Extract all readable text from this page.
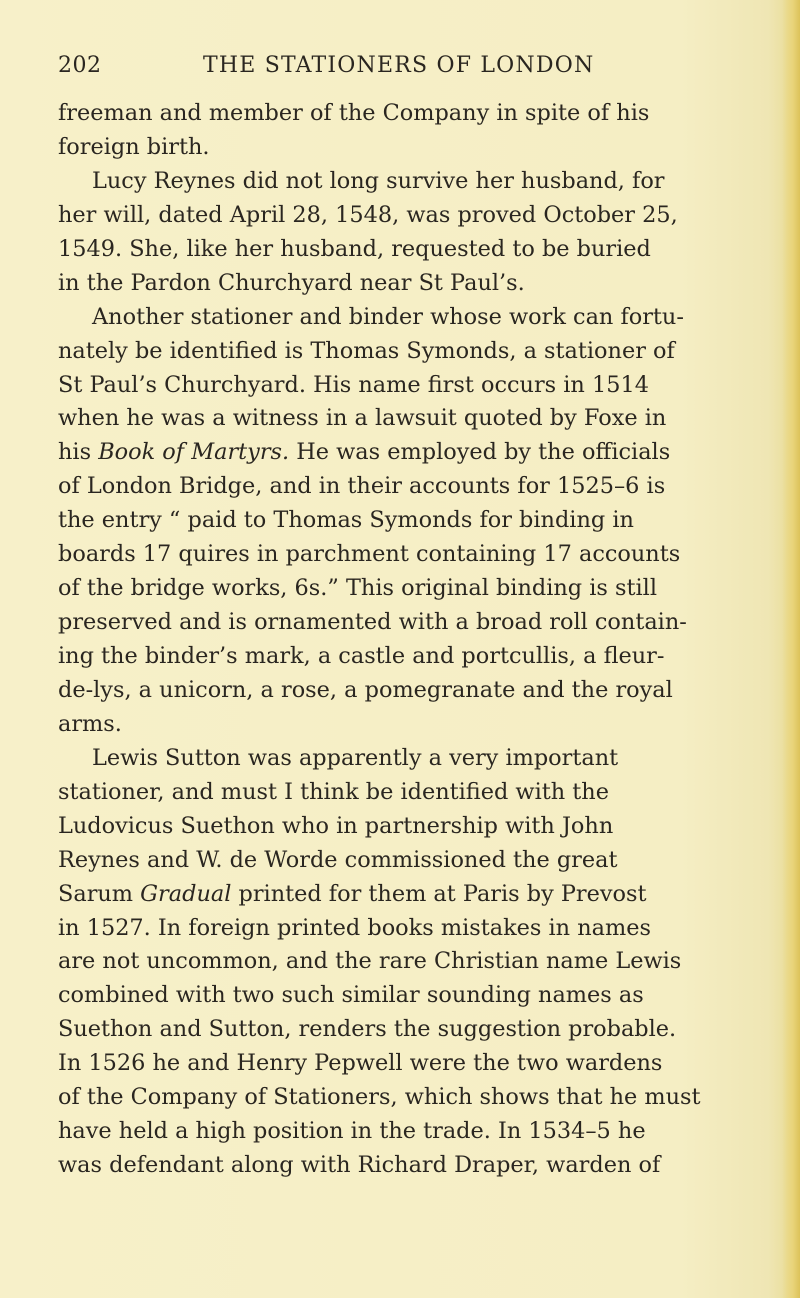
202	THE STATIONERS OF LONDON
freeman and member of the Company in spite of his
foreign birth.
Lucy Reynes did not long survive her husband, for
her will, dated April 28, 1548, was proved October 25,
1549. She, like her husband, requested to be buried
in the Pardon Churchyard near St Paul’s.
Another stationer and binder whose work can fortu-
nately be identified is Thomas Symonds, a stationer of
St Paul’s Churchyard. His name first occurs in 1514
when he was a witness in a lawsuit quoted by Foxe in
his Book of Martyrs. He was employed by the officials
of London Bridge, and in their accounts for 1525–6 is
the entry “ paid to Thomas Symonds for binding in
boards 17 quires in parchment containing 17 accounts
of the bridge works, 6s.” This original binding is still
preserved and is ornamented with a broad roll contain-
ing the binder’s mark, a castle and portcullis, a fleur-
de-lys, a unicorn, a rose, a pomegranate and the royal
arms.
Lewis Sutton was apparently a very important
stationer, and must I think be identified with the
Ludovicus Suethon who in partnership with John
Reynes and W. de Worde commissioned the great
Sarum Gradual printed for them at Paris by Prevost
in 1527. In foreign printed books mistakes in names
are not uncommon, and the rare Christian name Lewis
combined with two such similar sounding names as
Suethon and Sutton, renders the suggestion probable.
In 1526 he and Henry Pepwell were the two wardens
of the Company of Stationers, which shows that he must
have held a high position in the trade. In 1534–5 he
was defendant along with Richard Draper, warden of
